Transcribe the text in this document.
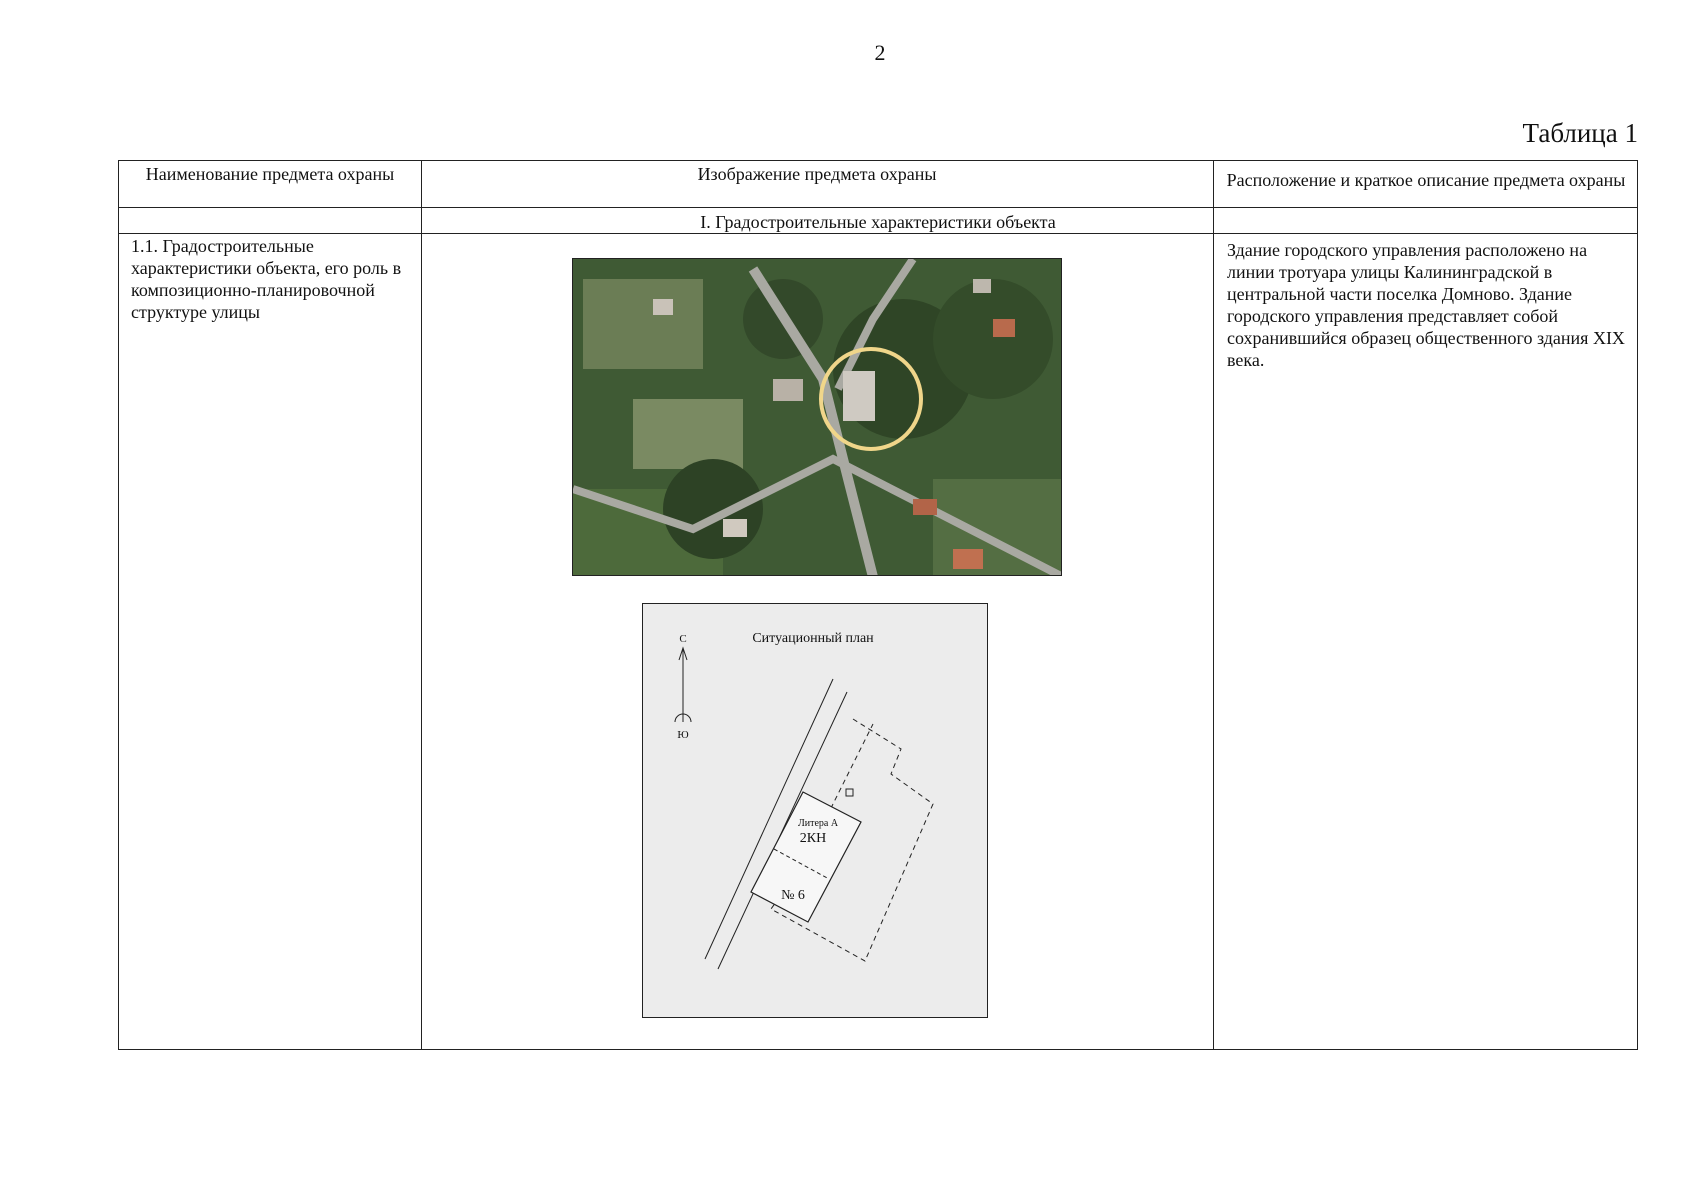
2
Таблица 1
Наименование предмета охраны	Изображение предмета охраны	Расположение и краткое описание предмета охраны
I. Градостроительные характеристики объекта
1.1. Градостроительные характеристики объекта, его роль в композиционно-планировочной структуре улицы
Здание городского управления расположено на линии тротуара улицы Калининградской в центральной части поселка Домново. Здание городского управления представляет собой сохранившийся образец общественного здания XIX века.
Ситуационный план
С
Ю
Литера А
2КН
№ 6
